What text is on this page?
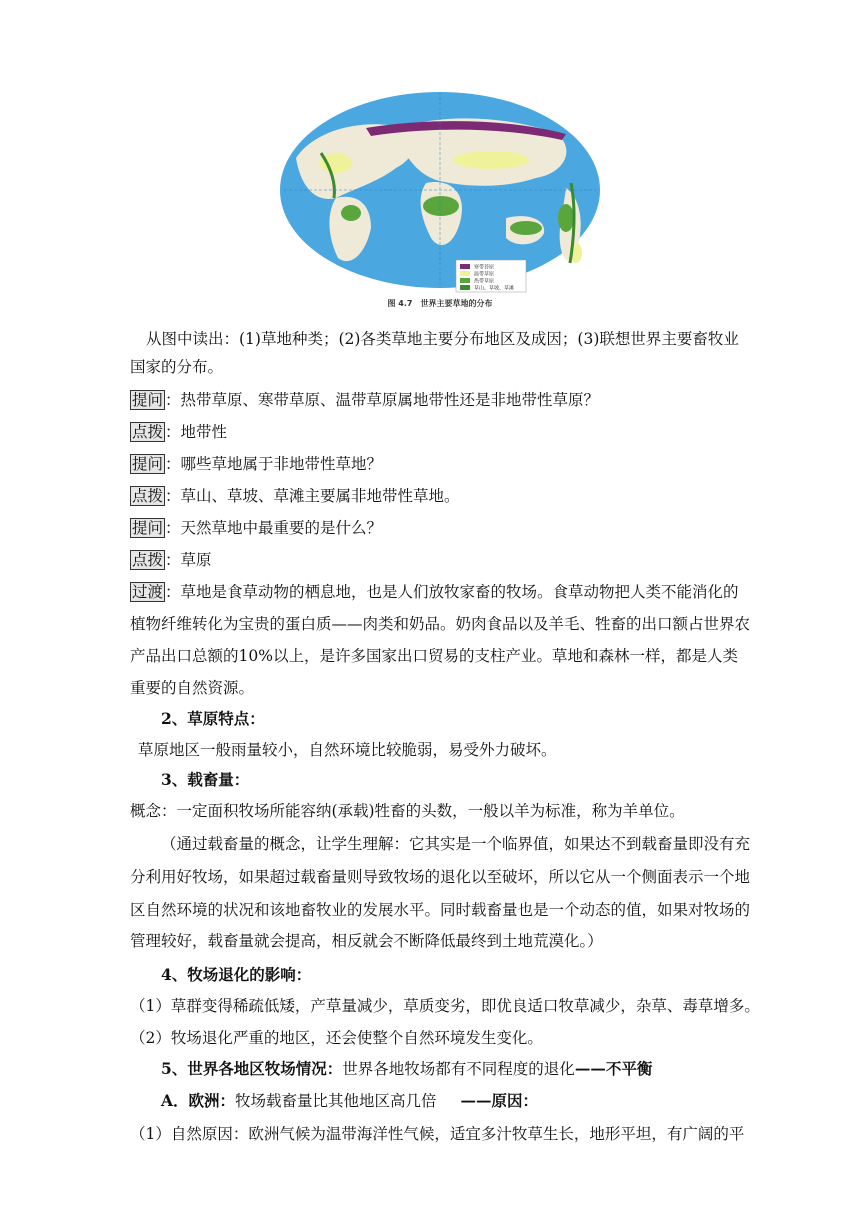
寒带苔原
温带草原
热带草原
草山、草坡、草滩
图 4.7　世界主要草地的分布
从图中读出：(1)草地种类；(2)各类草地主要分布地区及成因；(3)联想世界主要畜牧业
国家的分布。
提问 ：热带草原、寒带草原、温带草原属地带性还是非地带性草原？
点拨 ：地带性
提问 ：哪些草地属于非地带性草地？
点拨 ：草山、草坡、草滩主要属非地带性草地。
提问 ：天然草地中最重要的是什么？
点拨 ：草原
过渡 ：草地是食草动物的栖息地，也是人们放牧家畜的牧场。食草动物把人类不能消化的
植物纤维转化为宝贵的蛋白质——肉类和奶品。奶肉食品以及羊毛、牲畜的出口额占世界农
产品出口总额的10%以上，是许多国家出口贸易的支柱产业。草地和森林一样，都是人类
重要的自然资源。
2、草原特点：
草原地区一般雨量较小，自然环境比较脆弱，易受外力破坏。
3、载畜量：
概念：一定面积牧场所能容纳(承载)牲畜的头数，一般以羊为标准，称为羊单位。
（通过载畜量的概念，让学生理解：它其实是一个临界值，如果达不到载畜量即没有充
分利用好牧场，如果超过载畜量则导致牧场的退化以至破坏，所以它从一个侧面表示一个地
区自然环境的状况和该地畜牧业的发展水平。同时载畜量也是一个动态的值，如果对牧场的
管理较好，载畜量就会提高，相反就会不断降低最终到土地荒漠化。）
4、牧场退化的影响：
（1）草群变得稀疏低矮，产草量减少，草质变劣，即优良适口牧草减少，杂草、毒草增多。
（2）牧场退化严重的地区，还会使整个自然环境发生变化。
5、世界各地区牧场情况：世界各地牧场都有不同程度的退化——不平衡
A．欧洲：牧场载畜量比其他地区高几倍 ——原因：
（1）自然原因：欧洲气候为温带海洋性气候，适宜多汁牧草生长，地形平坦，有广阔的平
